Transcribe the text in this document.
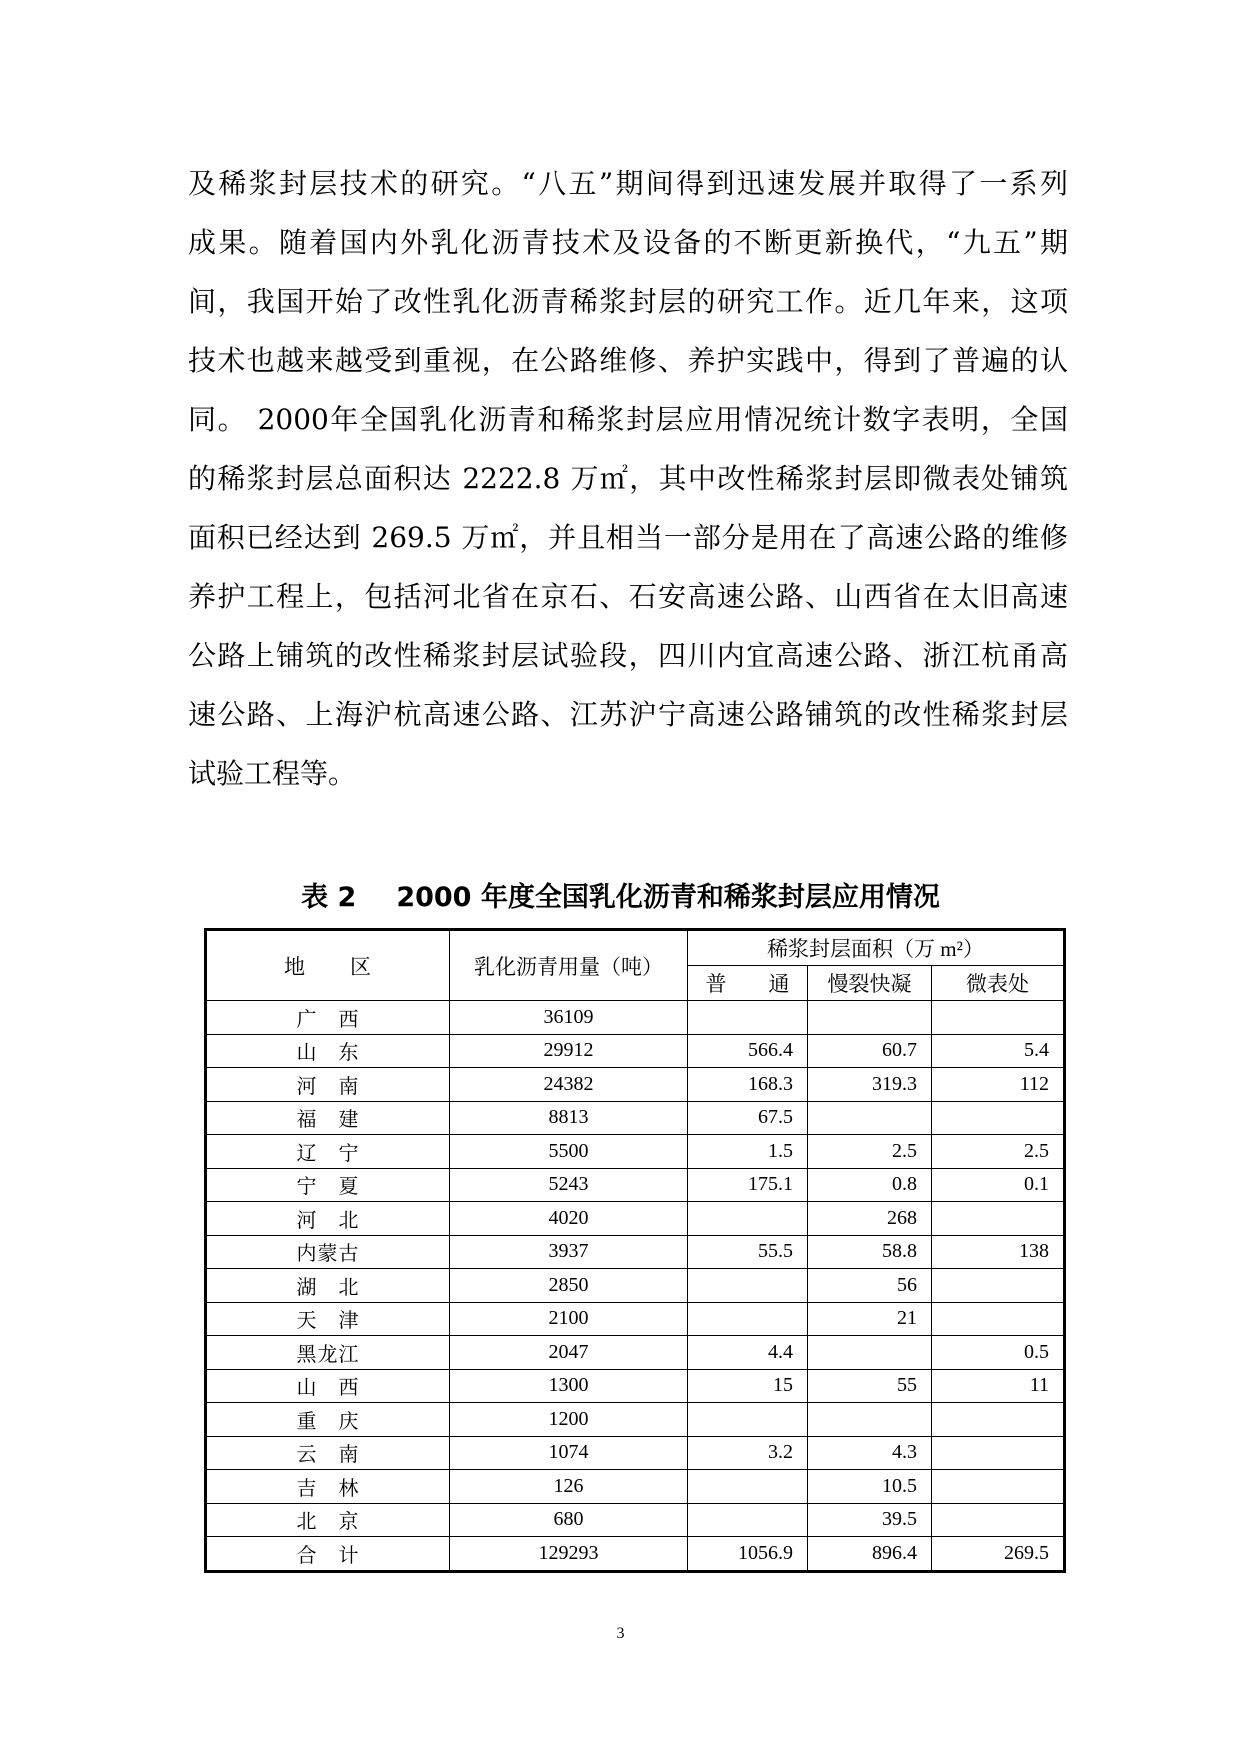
及稀浆封层技术的研究。“八五”期间得到迅速发展并取得了一系列
成果。随着国内外乳化沥青技术及设备的不断更新换代，“九五”期
间，我国开始了改性乳化沥青稀浆封层的研究工作。近几年来，这项
技术也越来越受到重视，在公路维修、养护实践中，得到了普遍的认
同。 2000年全国乳化沥青和稀浆封层应用情况统计数字表明，全国
的稀浆封层总面积达 2222.8 万㎡，其中改性稀浆封层即微表处铺筑
面积已经达到 269.5 万㎡，并且相当一部分是用在了高速公路的维修
养护工程上，包括河北省在京石、石安高速公路、山西省在太旧高速
公路上铺筑的改性稀浆封层试验段，四川内宜高速公路、浙江杭甬高
速公路、上海沪杭高速公路、江苏沪宁高速公路铺筑的改性稀浆封层
试验工程等。
表 2 2000 年度全国乳化沥青和稀浆封层应用情况
地　　区	乳化沥青用量（吨）	稀浆封层面积（万 m²）		
		普　　通	慢裂快凝	微表处
广　西	36109			
山　东	29912	566.4	60.7	5.4
河　南	24382	168.3	319.3	112
福　建	8813	67.5		
辽　宁	5500	1.5	2.5	2.5
宁　夏	5243	175.1	0.8	0.1
河　北	4020		268	
内蒙古	3937	55.5	58.8	138
湖　北	2850		56	
天　津	2100		21	
黑龙江	2047	4.4		0.5
山　西	1300	15	55	11
重　庆	1200			
云　南	1074	3.2	4.3	
吉　林	126		10.5	
北　京	680		39.5	
合　计	129293	1056.9	896.4	269.5
3
